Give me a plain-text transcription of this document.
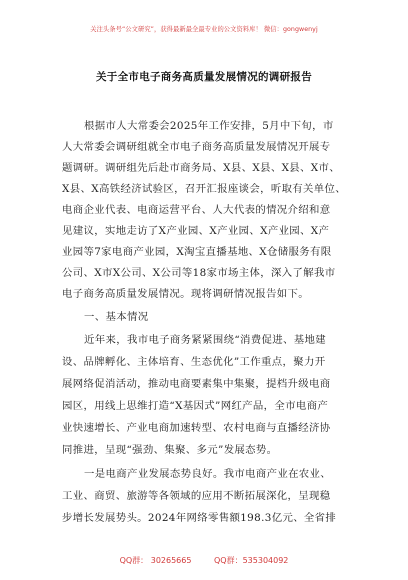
关注头条号“公文研究”，获得最新最全最专业的公文资料库！ 微信：gongwenyj
关于全市电子商务高质量发展情况的调研报告
根据市人大常委会2025年工作安排，5月中下旬，市
人大常委会调研组就全市电子商务高质量发展情况开展专
题调研。调研组先后赴市商务局、X县、X县、X县、X市、
X县、X高铁经济试验区，召开汇报座谈会，听取有关单位、
电商企业代表、电商运营平台、人大代表的情况介绍和意
见建议，实地走访了X产业园、X产业园、X产业园、X产
业园等7家电商产业园，X淘宝直播基地、X仓储服务有限
公司、X市X公司、X公司等18家市场主体，深入了解我市
电子商务高质量发展情况。现将调研情况报告如下。
一、基本情况
近年来，我市电子商务紧紧围绕“消费促进、基地建
设、品牌孵化、主体培育、生态优化”工作重点，聚力开
展网络促消活动，推动电商要素集中集聚，提档升级电商
园区，用线上思维打造“X基因式”网红产品，全市电商产
业快速增长、产业电商加速转型、农村电商与直播经济协
同推进，呈现“强劲、集聚、多元”发展态势。
一是电商产业发展态势良好。我市电商产业在农业、
工业、商贸、旅游等各领域的应用不断拓展深化，呈现稳
步增长发展势头。2024年网络零售额198.3亿元、全省排
QQ群： 30265665	QQ群：535304092
